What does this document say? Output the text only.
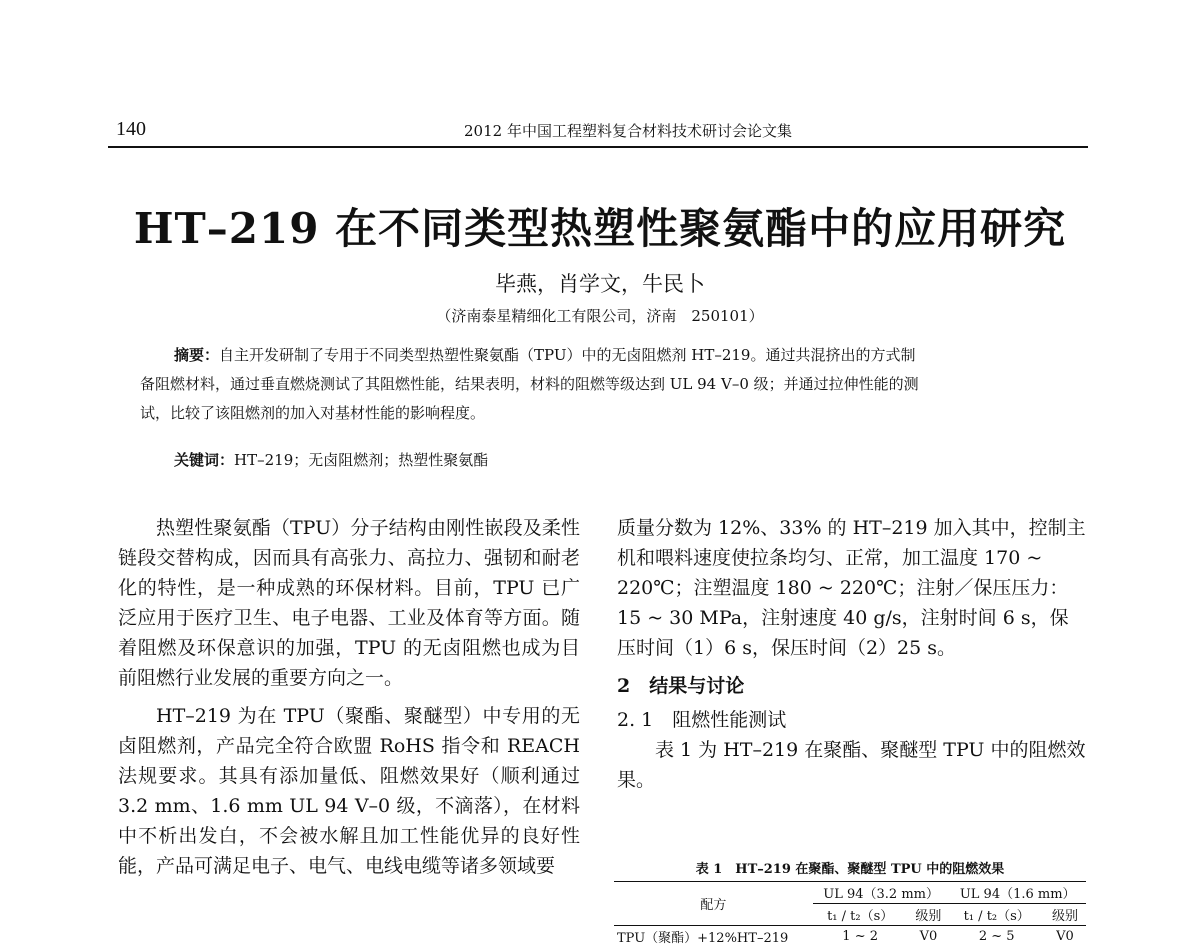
140	2012 年中国工程塑料复合材料技术研讨会论文集
HT–219 在不同类型热塑性聚氨酯中的应用研究
毕燕，肖学文，牛民卜
（济南泰星精细化工有限公司，济南　250101）

摘要：自主开发研制了专用于不同类型热塑性聚氨酯（TPU）中的无卤阻燃剂 HT–219。通过共混挤出的方式制

备阻燃材料，通过垂直燃烧测试了其阻燃性能，结果表明，材料的阻燃等级达到 UL 94 V–0 级；并通过拉伸性能的测

试，比较了该阻燃剂的加入对基材性能的影响程度。

关键词：HT–219；无卤阻燃剂；热塑性聚氨酯

热塑性聚氨酯（TPU）分子结构由刚性嵌段及柔性链段交替构成，因而具有高张力、高拉力、强韧和耐老化的特性，是一种成熟的环保材料。目前，TPU 已广泛应用于医疗卫生、电子电器、工业及体育等方面。随着阻燃及环保意识的加强，TPU 的无卤阻燃也成为目前阻燃行业发展的重要方向之一。

HT–219 为在 TPU（聚酯、聚醚型）中专用的无卤阻燃剂，产品完全符合欧盟 RoHS 指令和 REACH 法规要求。其具有添加量低、阻燃效果好（顺利通过 3.2 mm、1.6 mm UL 94 V–0 级，不滴落），在材料中不析出发白，不会被水解且加工性能优异的良好性能，产品可满足电子、电气、电线电缆等诸多领域要

质量分数为 12%、33% 的 HT–219 加入其中，控制主机和喂料速度使拉条均匀、正常，加工温度 170 ~ 220℃；注塑温度 180 ~ 220℃；注射／保压压力：15 ~ 30 MPa，注射速度 40 g/s，注射时间 6 s，保压时间（1）6 s，保压时间（2）25 s。

2　结果与讨论

2. 1　阻燃性能测试

表 1 为 HT–219 在聚酯、聚醚型 TPU 中的阻燃效果。

表 1　HT–219 在聚酯、聚醚型 TPU 中的阻燃效果
配方	UL 94（3.2 mm）		UL 94（1.6 mm）	
	t₁ / t₂（s）	级别	t₁ / t₂（s）	级别
TPU（聚酯）+12%HT–219	1 ~ 2	V0	2 ~ 5	V0
